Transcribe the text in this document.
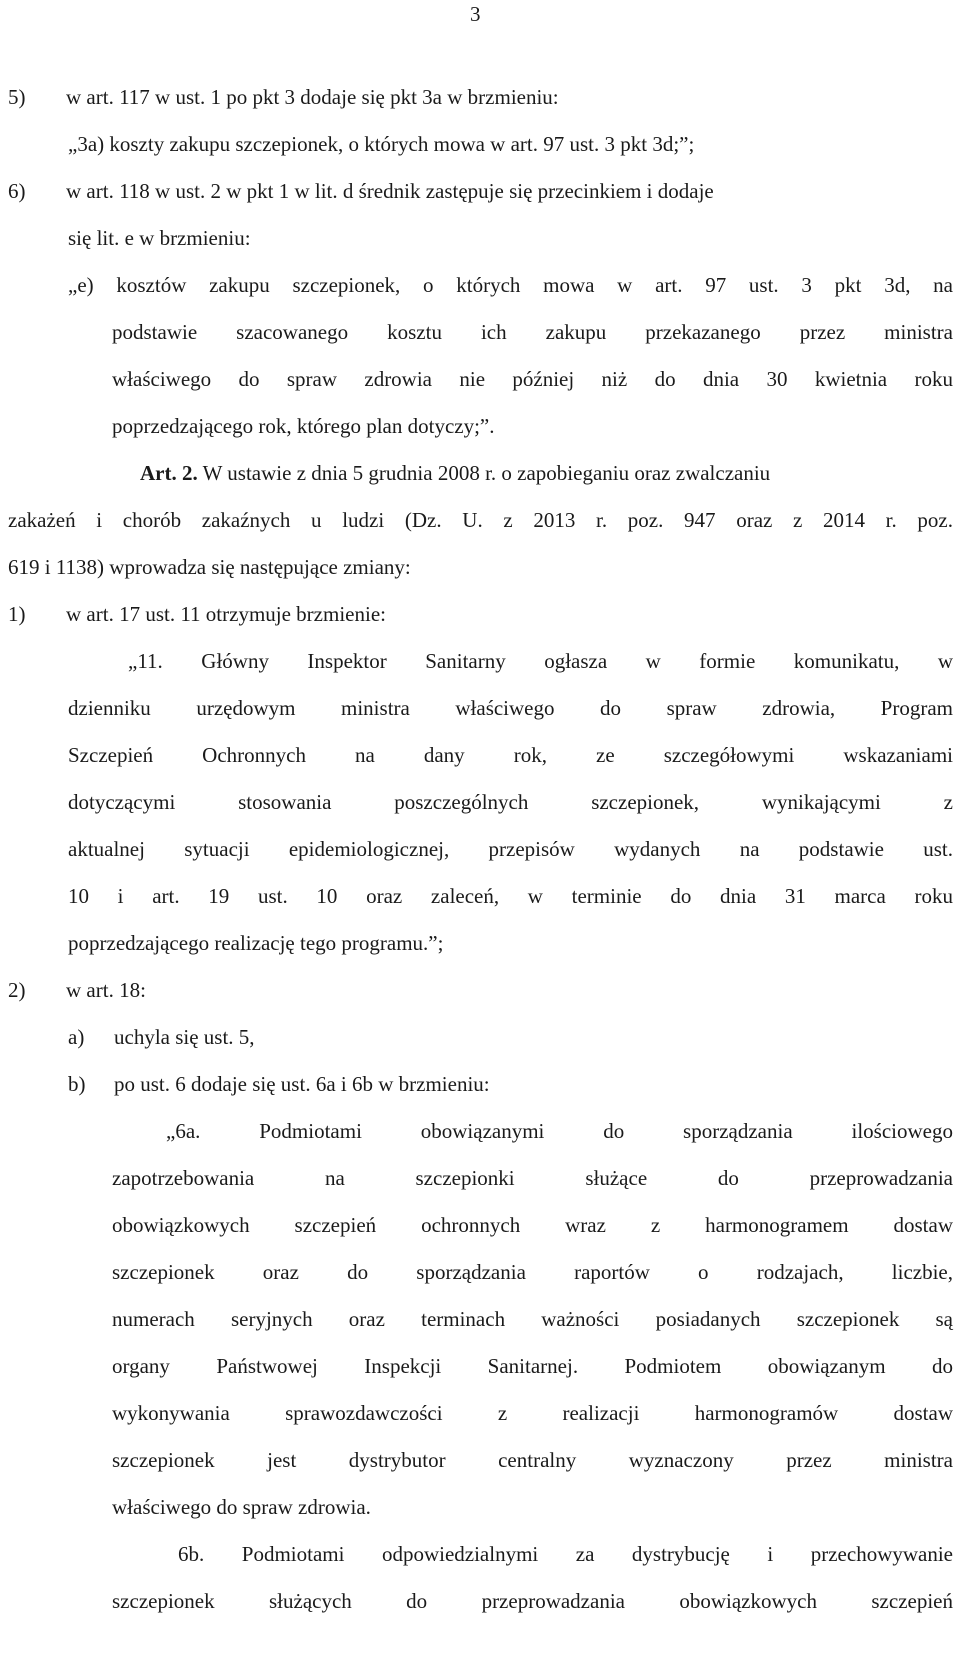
3
5) w art. 117 w ust. 1 po pkt 3 dodaje się pkt 3a w brzmieniu:
„3a) koszty zakupu szczepionek, o których mowa w art. 97 ust. 3 pkt 3d;”;
6) w art. 118 w ust. 2 w pkt 1 w lit. d średnik zastępuje się przecinkiem i dodaje
się lit. e w brzmieniu:
„e) kosztów zakupu szczepionek, o których mowa w art. 97 ust. 3 pkt 3d, na
podstawie szacowanego kosztu ich zakupu przekazanego przez ministra
właściwego do spraw zdrowia nie później niż do dnia 30 kwietnia roku
poprzedzającego rok, którego plan dotyczy;”.
Art. 2. W ustawie z dnia 5 grudnia 2008 r. o zapobieganiu oraz zwalczaniu
zakażeń i chorób zakaźnych u ludzi (Dz. U. z 2013 r. poz. 947 oraz z 2014 r. poz.
619 i 1138) wprowadza się następujące zmiany:
1) w art. 17 ust. 11 otrzymuje brzmienie:
„11. Główny Inspektor Sanitarny ogłasza w formie komunikatu, w
dzienniku urzędowym ministra właściwego do spraw zdrowia, Program
Szczepień Ochronnych na dany rok, ze szczegółowymi wskazaniami
dotyczącymi stosowania poszczególnych szczepionek, wynikającymi z
aktualnej sytuacji epidemiologicznej, przepisów wydanych na podstawie ust.
10 i art. 19 ust. 10 oraz zaleceń, w terminie do dnia 31 marca roku
poprzedzającego realizację tego programu.”;
2) w art. 18:
a) uchyla się ust. 5,
b) po ust. 6 dodaje się ust. 6a i 6b w brzmieniu:
„6a. Podmiotami obowiązanymi do sporządzania ilościowego
zapotrzebowania na szczepionki służące do przeprowadzania
obowiązkowych szczepień ochronnych wraz z harmonogramem dostaw
szczepionek oraz do sporządzania raportów o rodzajach, liczbie,
numerach seryjnych oraz terminach ważności posiadanych szczepionek są
organy Państwowej Inspekcji Sanitarnej. Podmiotem obowiązanym do
wykonywania sprawozdawczości z realizacji harmonogramów dostaw
szczepionek jest dystrybutor centralny wyznaczony przez ministra
właściwego do spraw zdrowia.
6b. Podmiotami odpowiedzialnymi za dystrybucję i przechowywanie
szczepionek służących do przeprowadzania obowiązkowych szczepień
